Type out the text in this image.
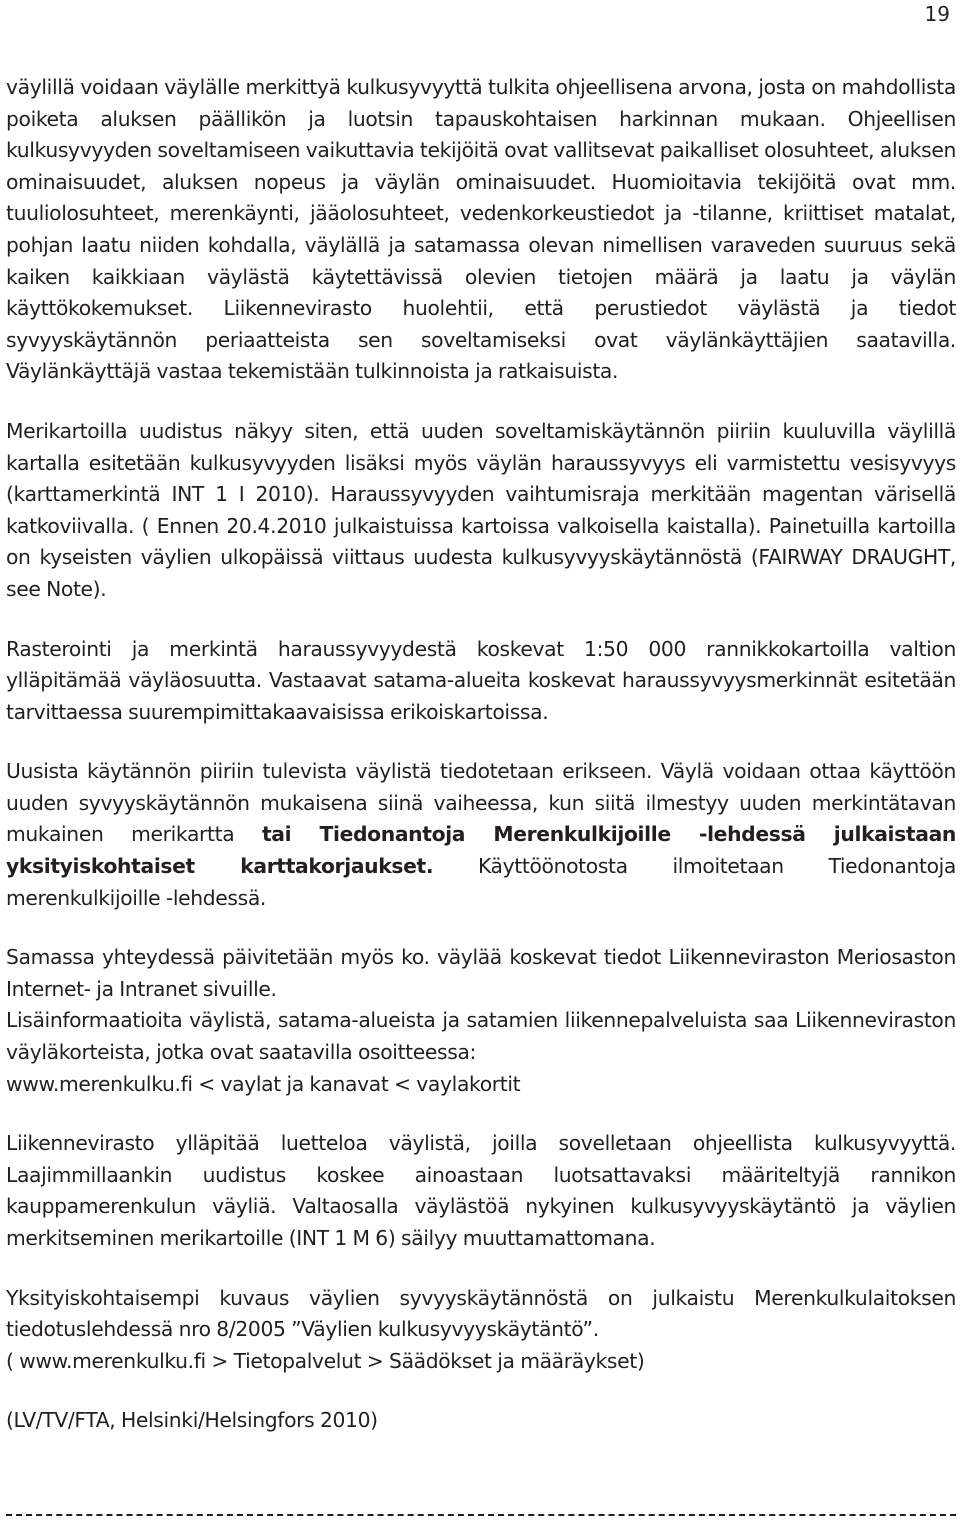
19

väylillä voidaan väylälle merkittyä kulkusyvyyttä tulkita ohjeellisena arvona, josta on mahdollista poiketa aluksen päällikön ja luotsin tapauskohtaisen harkinnan mukaan. Ohjeellisen kulkusyvyyden soveltamiseen vaikuttavia tekijöitä ovat vallitsevat paikalliset olosuhteet, aluksen ominaisuudet, aluksen nopeus ja väylän ominaisuudet. Huomioitavia tekijöitä ovat mm. tuuliolosuhteet, merenkäynti, jääolosuhteet, vedenkorkeustiedot ja -tilanne, kriittiset matalat, pohjan laatu niiden kohdalla, väylällä ja satamassa olevan nimellisen varaveden suuruus sekä kaiken kaikkiaan väylästä käytettävissä olevien tietojen määrä ja laatu ja väylän käyttökokemukset. Liikennevirasto huolehtii, että perustiedot väylästä ja tiedot syvyyskäytännön periaatteista sen soveltamiseksi ovat väylänkäyttäjien saatavilla. Väylänkäyttäjä vastaa tekemistään tulkinnoista ja ratkaisuista.

Merikartoilla uudistus näkyy siten, että uuden soveltamiskäytännön piiriin kuuluvilla väylillä kartalla esitetään kulkusyvyyden lisäksi myös väylän haraussyvyys eli varmistettu vesisyvyys (karttamerkintä INT 1 I 2010). Haraussyvyyden vaihtumisraja merkitään magentan värisellä katkoviivalla. ( Ennen 20.4.2010 julkaistuissa kartoissa valkoisella kaistalla). Painetuilla kartoilla on kyseisten väylien ulkopäissä viittaus uudesta kulkusyvyyskäytännöstä (FAIRWAY DRAUGHT, see Note).

Rasterointi ja merkintä haraussyvyydestä koskevat 1:50 000 rannikkokartoilla valtion ylläpitämää väyläosuutta. Vastaavat satama-alueita koskevat haraussyvyysmerkinnät esitetään tarvittaessa suurempimittakaavaisissa erikoiskartoissa.

Uusista käytännön piiriin tulevista väylistä tiedotetaan erikseen. Väylä voidaan ottaa käyttöön uuden syvyyskäytännön mukaisena siinä vaiheessa, kun siitä ilmestyy uuden merkintätavan mukainen merikartta tai Tiedonantoja Merenkulkijoille -lehdessä julkaistaan yksityiskohtaiset karttakorjaukset. Käyttöönotosta ilmoitetaan Tiedonantoja merenkulkijoille -lehdessä.

Samassa yhteydessä päivitetään myös ko. väylää koskevat tiedot Liikenneviraston Meriosaston Internet- ja Intranet sivuille.

Lisäinformaatioita väylistä, satama-alueista ja satamien liikennepalveluista saa Liikenneviraston väyläkorteista, jotka ovat saatavilla osoitteessa:

www.merenkulku.fi < vaylat ja kanavat < vaylakortit

Liikennevirasto ylläpitää luetteloa väylistä, joilla sovelletaan ohjeellista kulkusyvyyttä. Laajimmillaankin uudistus koskee ainoastaan luotsattavaksi määriteltyjä rannikon kauppamerenkulun väyliä. Valtaosalla väylästöä nykyinen kulkusyvyyskäytäntö ja väylien merkitseminen merikartoille (INT 1 M 6) säilyy muuttamattomana.

Yksityiskohtaisempi kuvaus väylien syvyyskäytännöstä on julkaistu Merenkulkulaitoksen tiedotuslehdessä nro 8/2005 ”Väylien kulkusyvyyskäytäntö”.

( www.merenkulku.fi > Tietopalvelut > Säädökset ja määräykset)

(LV/TV/FTA, Helsinki/Helsingfors 2010)
